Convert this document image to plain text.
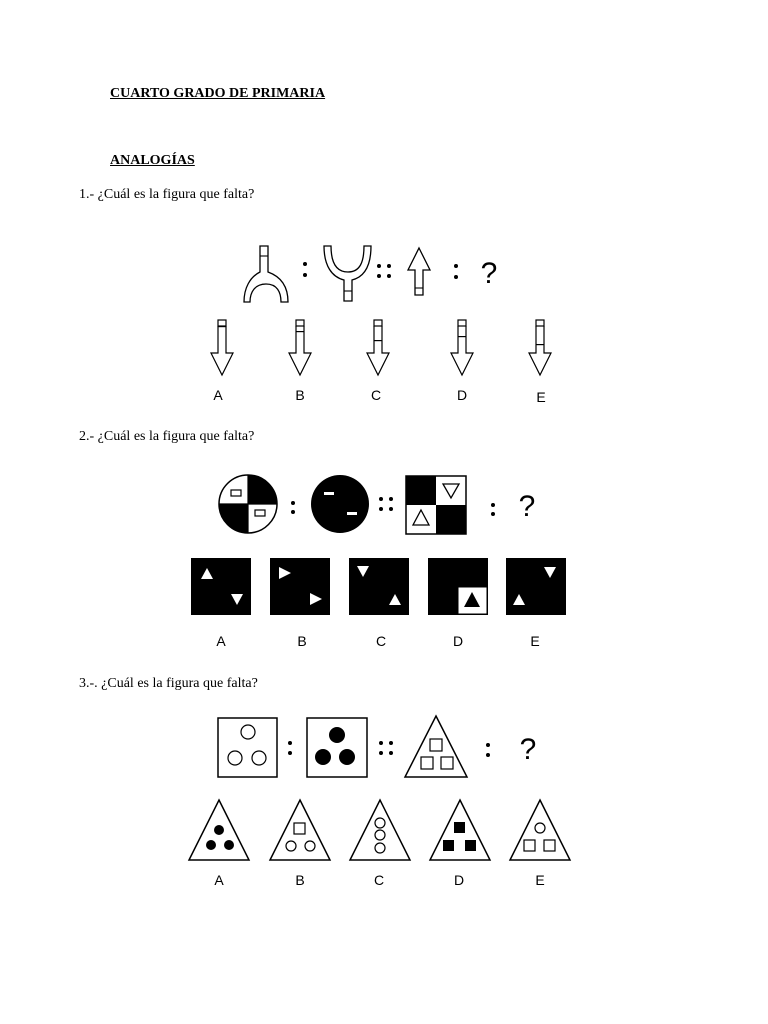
CUARTO GRADO DE PRIMARIA
ANALOGÍAS
1.- ¿Cuál es la figura que falta?
2.- ¿Cuál es la figura que falta?
3.-. ¿Cuál es la figura que falta?
?
A	B	C	D	E
?
A	B	C	D	E
?
A	B	C	D	E
